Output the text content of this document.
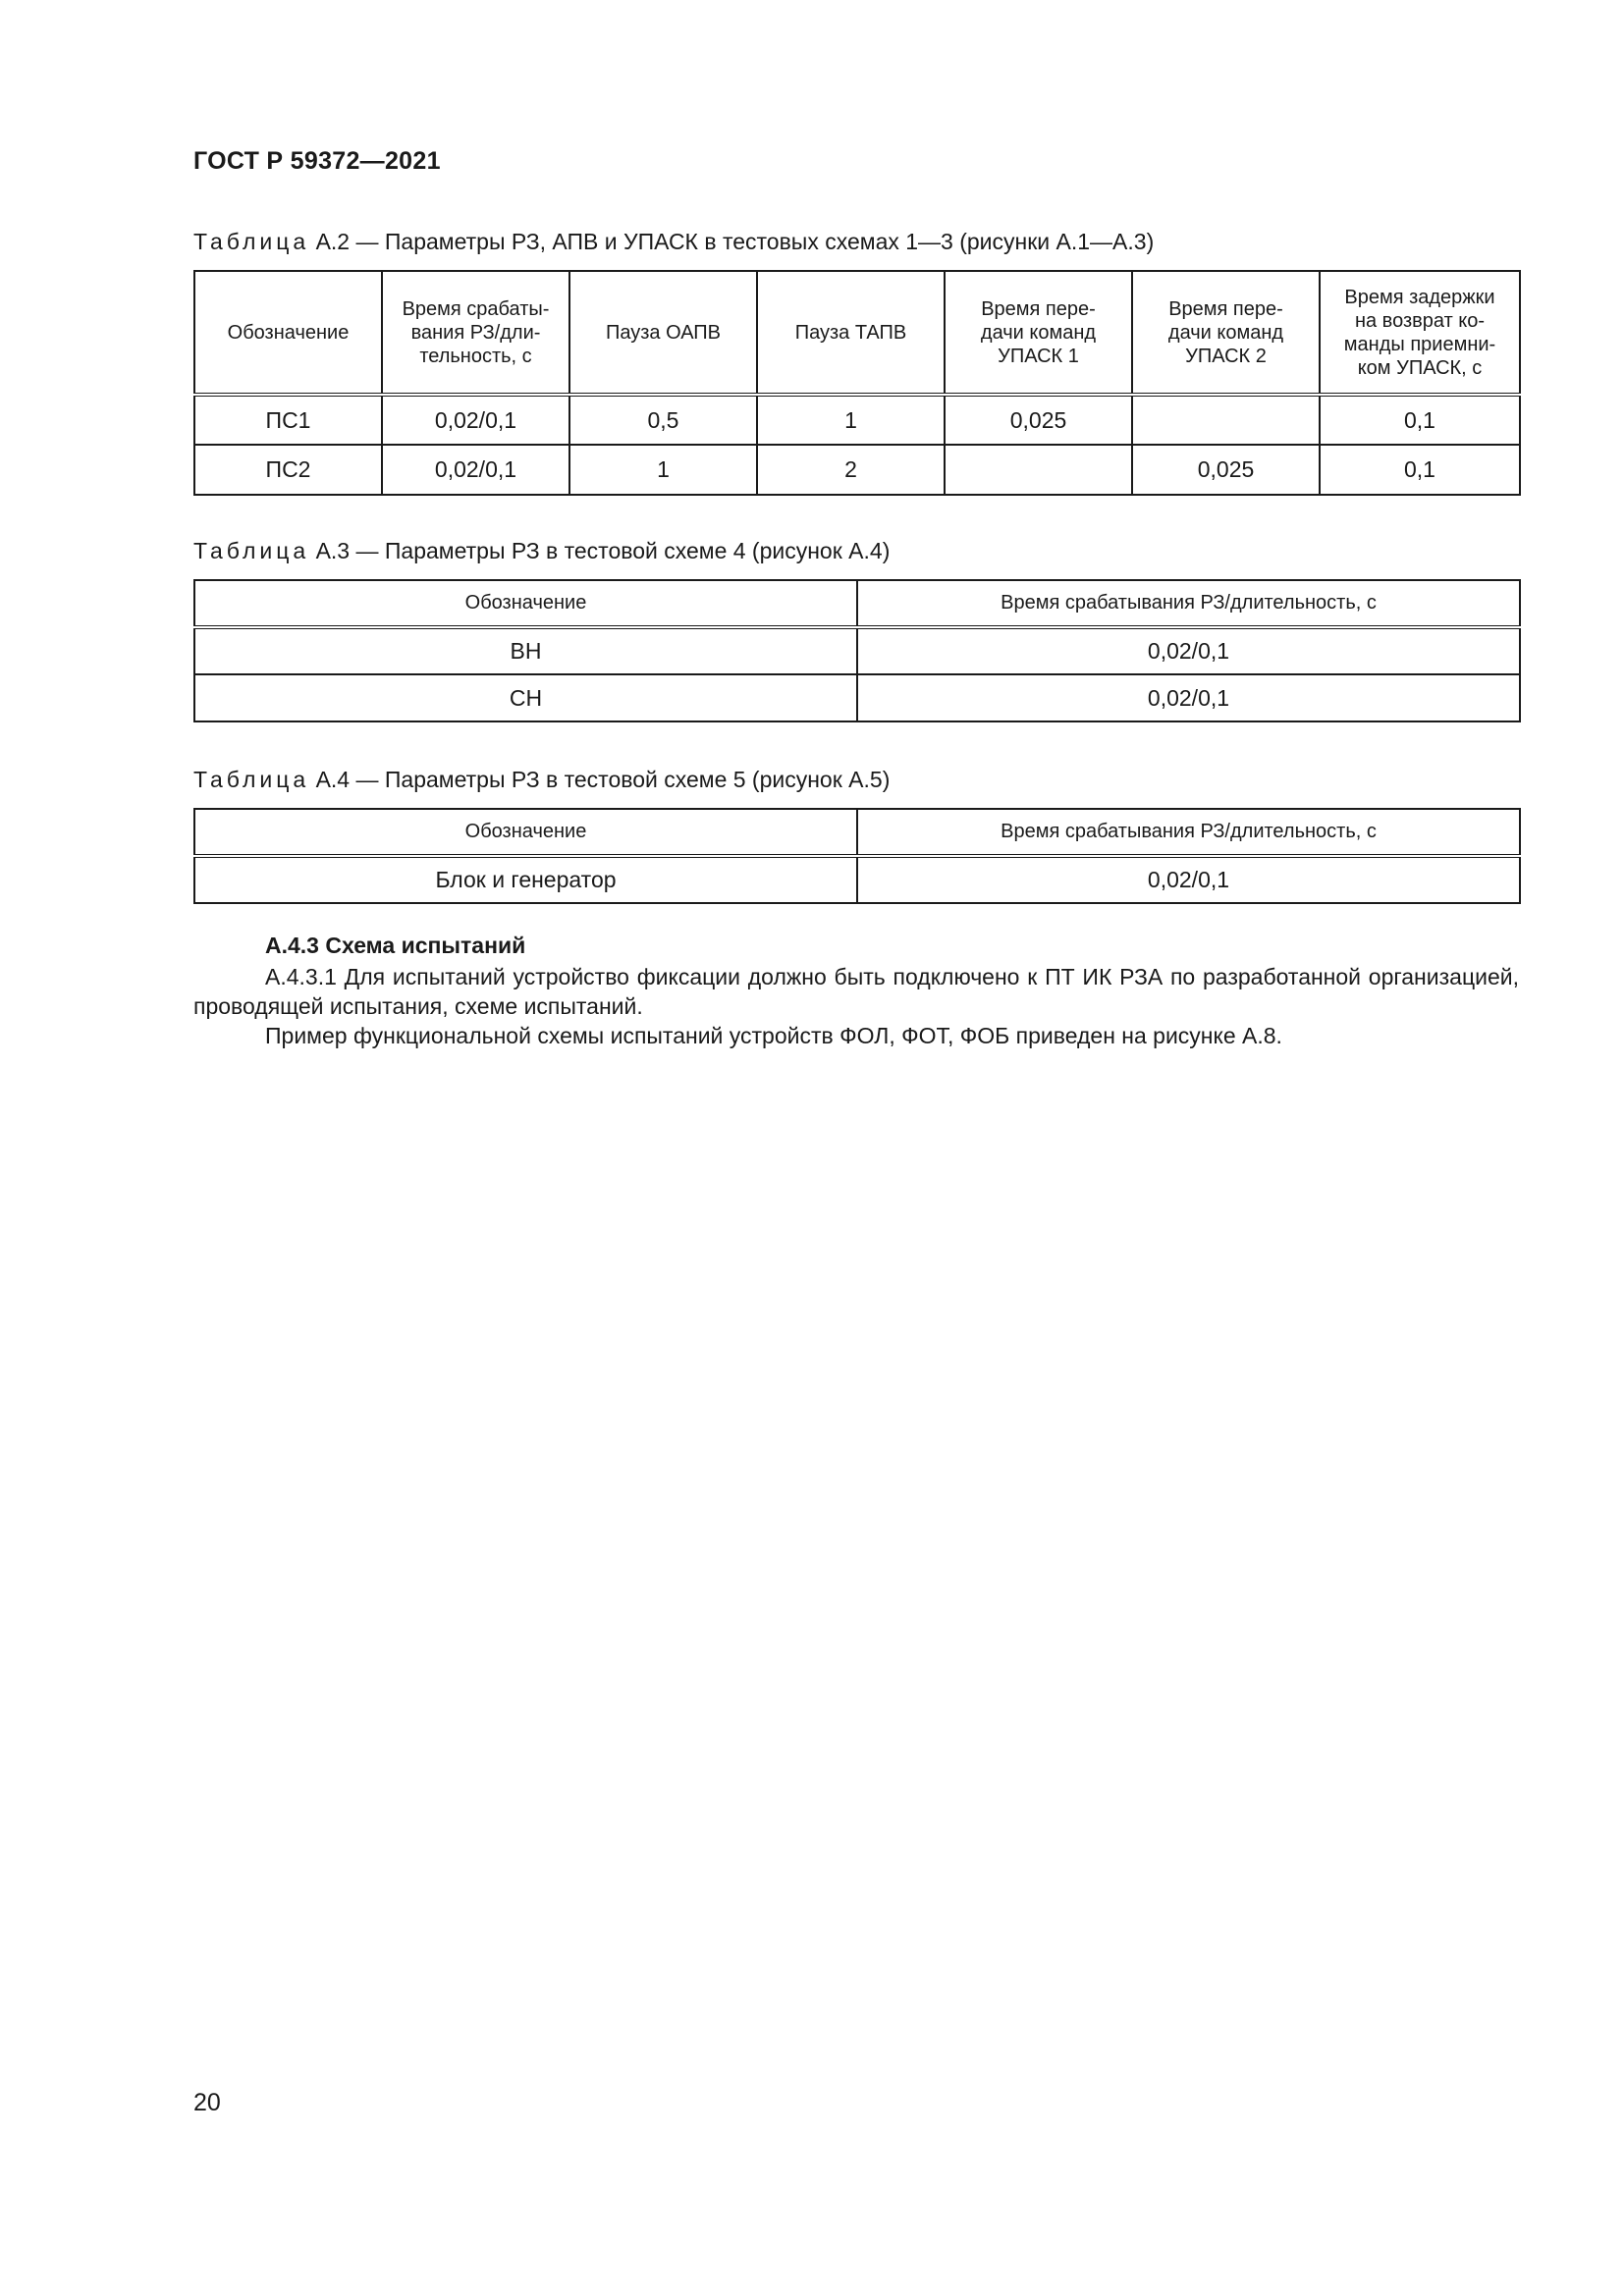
ГОСТ Р 59372—2021
Таблица А.2 — Параметры РЗ, АПВ и УПАСК в тестовых схемах 1—3 (рисунки А.1—А.3)
Обозначение	Время срабаты-
вания РЗ/дли-
тельность, с	Пауза ОАПВ	Пауза ТАПВ	Время пере-
дачи команд
УПАСК 1	Время пере-
дачи команд
УПАСК 2	Время задержки
на возврат ко-
манды приемни-
ком УПАСК, с
ПС1	0,02/0,1	0,5	1	0,025		0,1
ПС2	0,02/0,1	1	2		0,025	0,1
Таблица А.3 — Параметры РЗ в тестовой схеме 4 (рисунок А.4)
Обозначение	Время срабатывания РЗ/длительность, с
ВН	0,02/0,1
СН	0,02/0,1
Таблица А.4 — Параметры РЗ в тестовой схеме 5 (рисунок А.5)
Обозначение	Время срабатывания РЗ/длительность, с
Блок и генератор	0,02/0,1
А.4.3 Схема испытаний
А.4.3.1 Для испытаний устройство фиксации должно быть подключено к ПТ ИК РЗА по разработанной организацией, проводящей испытания, схеме испытаний.
Пример функциональной схемы испытаний устройств ФОЛ, ФОТ, ФОБ приведен на рисунке А.8.
20
